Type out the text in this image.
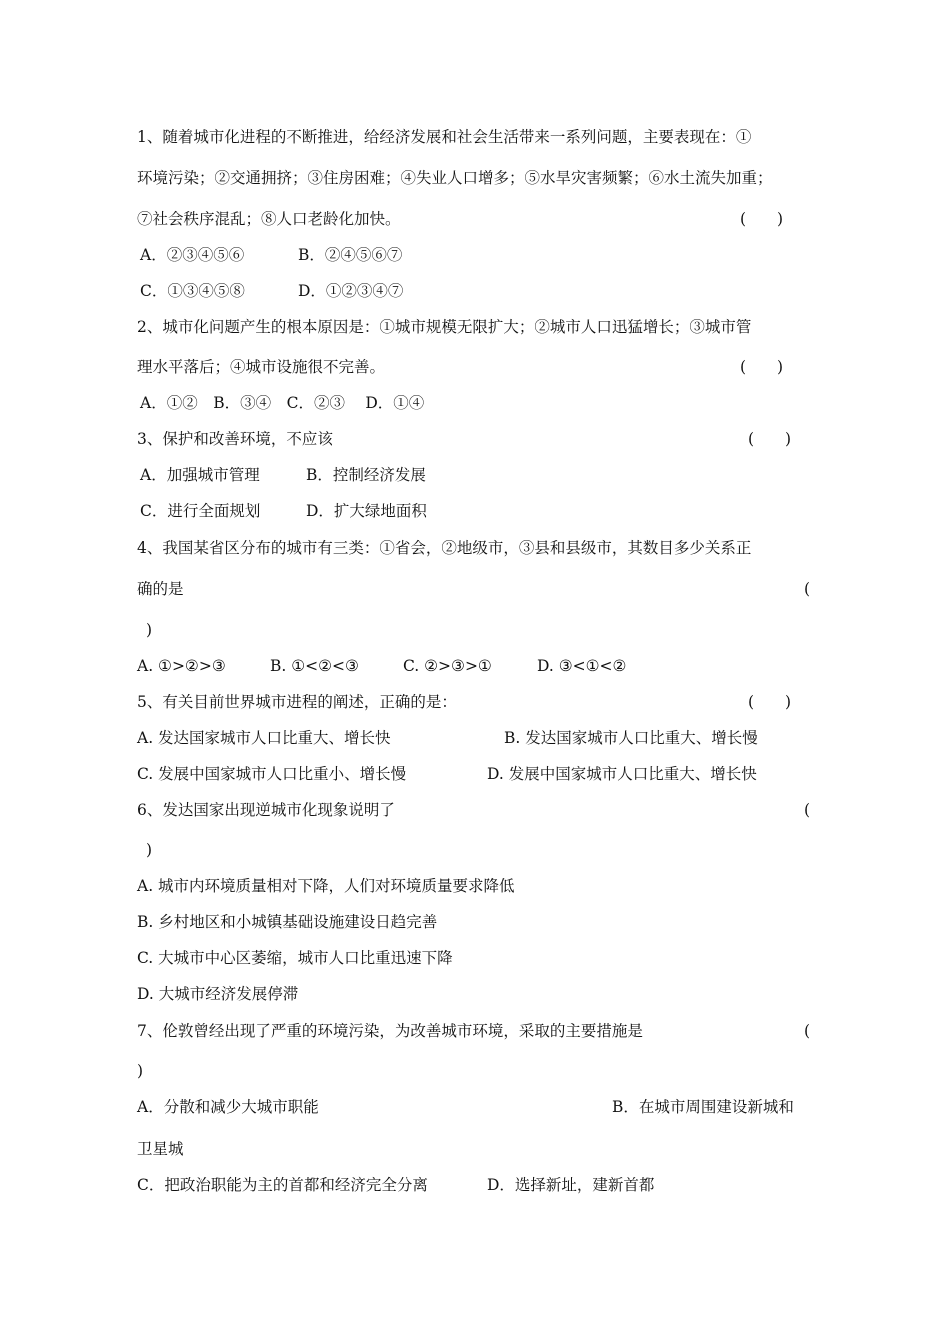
1、随着城市化进程的不断推进，给经济发展和社会生活带来一系列问题，主要表现在：①
环境污染；②交通拥挤；③住房困难；④失业人口增多；⑤水旱灾害频繁；⑥水土流失加重；
⑦社会秩序混乱；⑧人口老龄化加快。	(　　)
A．②③④⑤⑥	B．②④⑤⑥⑦
C．①③④⑤⑧	D．①②③④⑦
2、城市化问题产生的根本原因是：①城市规模无限扩大；②城市人口迅猛增长；③城市管
理水平落后；④城市设施很不完善。	(　　)
A．①②　B．③④　C．②③　 D．①④
3、保护和改善环境，不应该	(　　)
A．加强城市管理	B．控制经济发展
C．进行全面规划	D．扩大绿地面积
4、我国某省区分布的城市有三类：①省会，②地级市，③县和县级市，其数目多少关系正
确的是	(
)
A. ①>②>③	B. ①<②<③	C. ②>③>①	D. ③<①<②
5、有关目前世界城市进程的阐述，正确的是：	(　　)
A. 发达国家城市人口比重大、增长快	B. 发达国家城市人口比重大、增长慢
C. 发展中国家城市人口比重小、增长慢	D. 发展中国家城市人口比重大、增长快
6、发达国家出现逆城市化现象说明了	(
)
A. 城市内环境质量相对下降，人们对环境质量要求降低
B. 乡村地区和小城镇基础设施建设日趋完善
C. 大城市中心区萎缩，城市人口比重迅速下降
D. 大城市经济发展停滞
7、伦敦曾经出现了严重的环境污染，为改善城市环境，采取的主要措施是	(
)
A．分散和减少大城市职能	B．在城市周围建设新城和
卫星城
C．把政治职能为主的首都和经济完全分离	D．选择新址，建新首都
